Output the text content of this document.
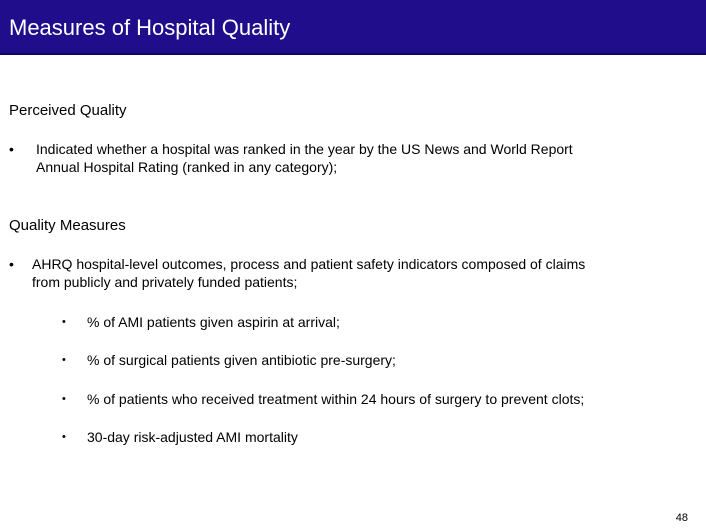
Measures of Hospital Quality
Perceived Quality
• Indicated whether a hospital was ranked in the year by the US News and World Report
Annual Hospital Rating (ranked in any category);
Quality Measures
• AHRQ hospital-level outcomes, process and patient safety indicators composed of claims
from publicly and privately funded patients;
• % of AMI patients given aspirin at arrival;
• % of surgical patients given antibiotic pre-surgery;
• % of patients who received treatment within 24 hours of surgery to prevent clots;
• 30-day risk-adjusted AMI mortality
48
